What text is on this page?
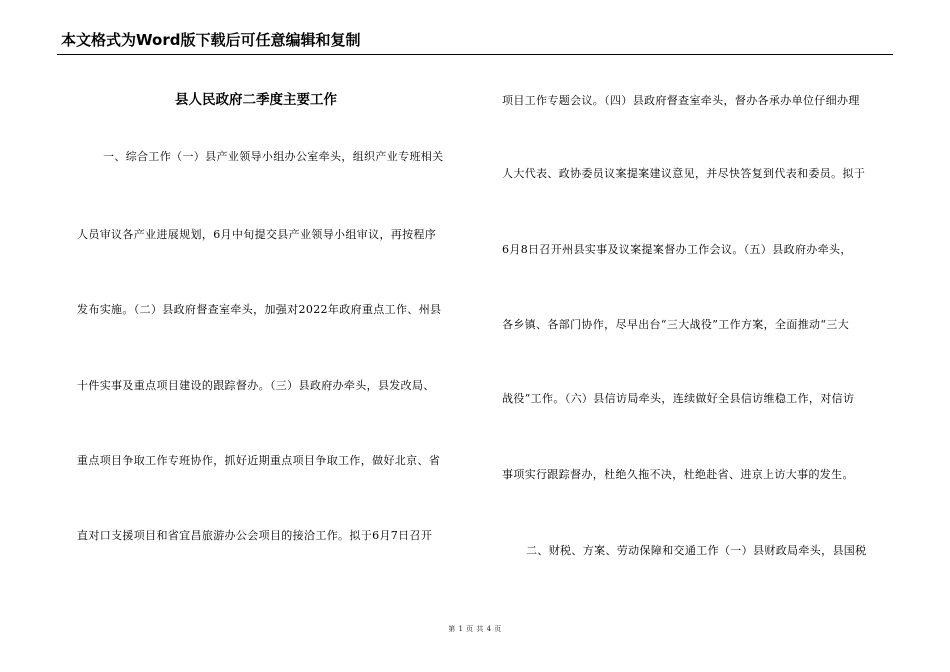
本文格式为Word版下载后可任意编辑和复制
县人民政府二季度主要工作
一、综合工作（一）县产业领导小组办公室牵头，组织产业专班相关
人员审议各产业进展规划，6月中旬提交县产业领导小组审议，再按程序
发布实施。（二）县政府督查室牵头，加强对2022年政府重点工作、州县
十件实事及重点项目建设的跟踪督办。（三）县政府办牵头，县发改局、
重点项目争取工作专班协作，抓好近期重点项目争取工作，做好北京、省
直对口支援项目和省宜昌旅游办公会项目的接洽工作。拟于6月7日召开
项目工作专题会议。（四）县政府督查室牵头，督办各承办单位仔细办理
人大代表、政协委员议案提案建议意见，并尽快答复到代表和委员。拟于
6月8日召开州县实事及议案提案督办工作会议。（五）县政府办牵头，
各乡镇、各部门协作，尽早出台“三大战役”工作方案，全面推动“三大
战役”工作。（六）县信访局牵头，连续做好全县信访维稳工作，对信访
事项实行跟踪督办，杜绝久拖不决，杜绝赴省、进京上访大事的发生。
二、财税、方案、劳动保障和交通工作（一）县财政局牵头，县国税
第 1 页 共 4 页
